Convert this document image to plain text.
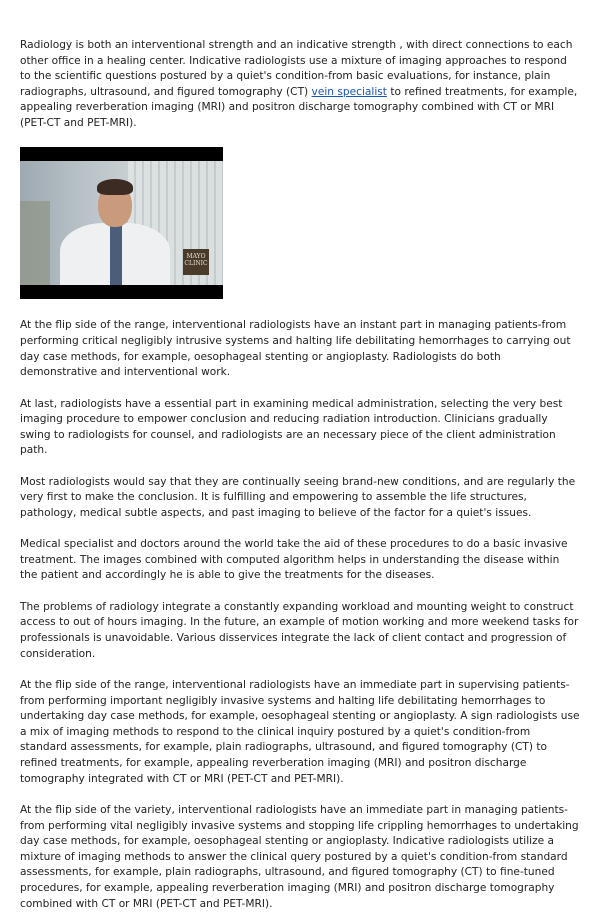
Radiology is both an interventional strength and an indicative strength , with direct connections to each other office in a healing center. Indicative radiologists use a mixture of imaging approaches to respond to the scientific questions postured by a quiet's condition-from basic evaluations, for instance, plain radiographs, ultrasound, and figured tomography (CT) vein specialist to refined treatments, for example, appealing reverberation imaging (MRI) and positron discharge tomography combined with CT or MRI (PET-CT and PET-MRI).

MAYO CLINIC

At the flip side of the range, interventional radiologists have an instant part in managing patients-from performing critical negligibly intrusive systems and halting life debilitating hemorrhages to carrying out day case methods, for example, oesophageal stenting or angioplasty. Radiologists do both demonstrative and interventional work.

At last, radiologists have a essential part in examining medical administration, selecting the very best imaging procedure to empower conclusion and reducing radiation introduction. Clinicians gradually swing to radiologists for counsel, and radiologists are an necessary piece of the client administration path.

Most radiologists would say that they are continually seeing brand-new conditions, and are regularly the very first to make the conclusion. It is fulfilling and empowering to assemble the life structures, pathology, medical subtle aspects, and past imaging to believe of the factor for a quiet's issues.

Medical specialist and doctors around the world take the aid of these procedures to do a basic invasive treatment. The images combined with computed algorithm helps in understanding the disease within the patient and accordingly he is able to give the treatments for the diseases.

The problems of radiology integrate a constantly expanding workload and mounting weight to construct access to out of hours imaging. In the future, an example of motion working and more weekend tasks for professionals is unavoidable. Various disservices integrate the lack of client contact and progression of consideration.

At the flip side of the range, interventional radiologists have an immediate part in supervising patients-from performing important negligibly invasive systems and halting life debilitating hemorrhages to undertaking day case methods, for example, oesophageal stenting or angioplasty. A sign radiologists use a mix of imaging methods to respond to the clinical inquiry postured by a quiet's condition-from standard assessments, for example, plain radiographs, ultrasound, and figured tomography (CT) to refined treatments, for example, appealing reverberation imaging (MRI) and positron discharge tomography integrated with CT or MRI (PET-CT and PET-MRI).

At the flip side of the variety, interventional radiologists have an immediate part in managing patients-from performing vital negligibly invasive systems and stopping life crippling hemorrhages to undertaking day case methods, for example, oesophageal stenting or angioplasty. Indicative radiologists utilize a mixture of imaging methods to answer the clinical query postured by a quiet's condition-from standard assessments, for example, plain radiographs, ultrasound, and figured tomography (CT) to fine-tuned procedures, for example, appealing reverberation imaging (MRI) and positron discharge tomography combined with CT or MRI (PET-CT and PET-MRI).
